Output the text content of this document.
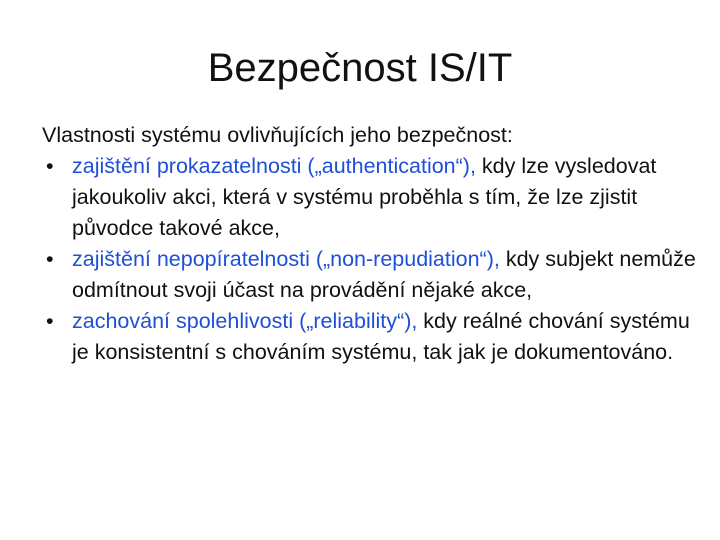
Bezpečnost IS/IT

Vlastnosti systému ovlivňujících jeho bezpečnost:

• zajištění prokazatelnosti („authentication“), kdy lze vysledovat jakoukoliv akci, která v systému proběhla s tím, že lze zjistit původce takové akce,
• zajištění nepopíratelnosti („non-repudiation“), kdy subjekt nemůže odmítnout svoji účast na provádění nějaké akce,
• zachování spolehlivosti („reliability“), kdy reálné chování systému je konsistentní s chováním systému, tak jak je dokumentováno.
